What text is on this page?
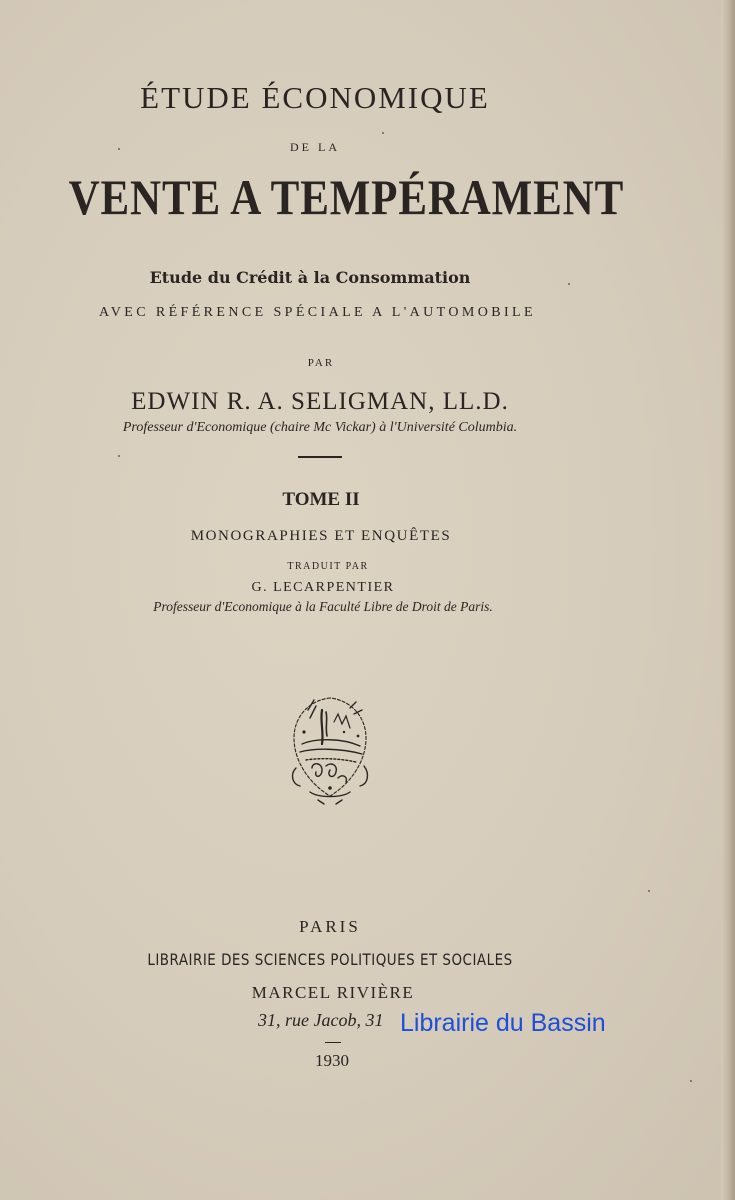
ÉTUDE ÉCONOMIQUE
DE LA
VENTE A TEMPÉRAMENT
Etude du Crédit à la Consommation
AVEC RÉFÉRENCE SPÉCIALE A L'AUTOMOBILE
PAR
EDWIN R. A. SELIGMAN, LL.D.
Professeur d'Economique (chaire Mc Vickar) à l'Université Columbia.
TOME II
MONOGRAPHIES ET ENQUÊTES
TRADUIT PAR
G. LECARPENTIER
Professeur d'Economique à la Faculté Libre de Droit de Paris.
PARIS
LIBRAIRIE DES SCIENCES POLITIQUES ET SOCIALES
MARCEL RIVIÈRE
31, rue Jacob, 31 Librairie du Bassin
1930
